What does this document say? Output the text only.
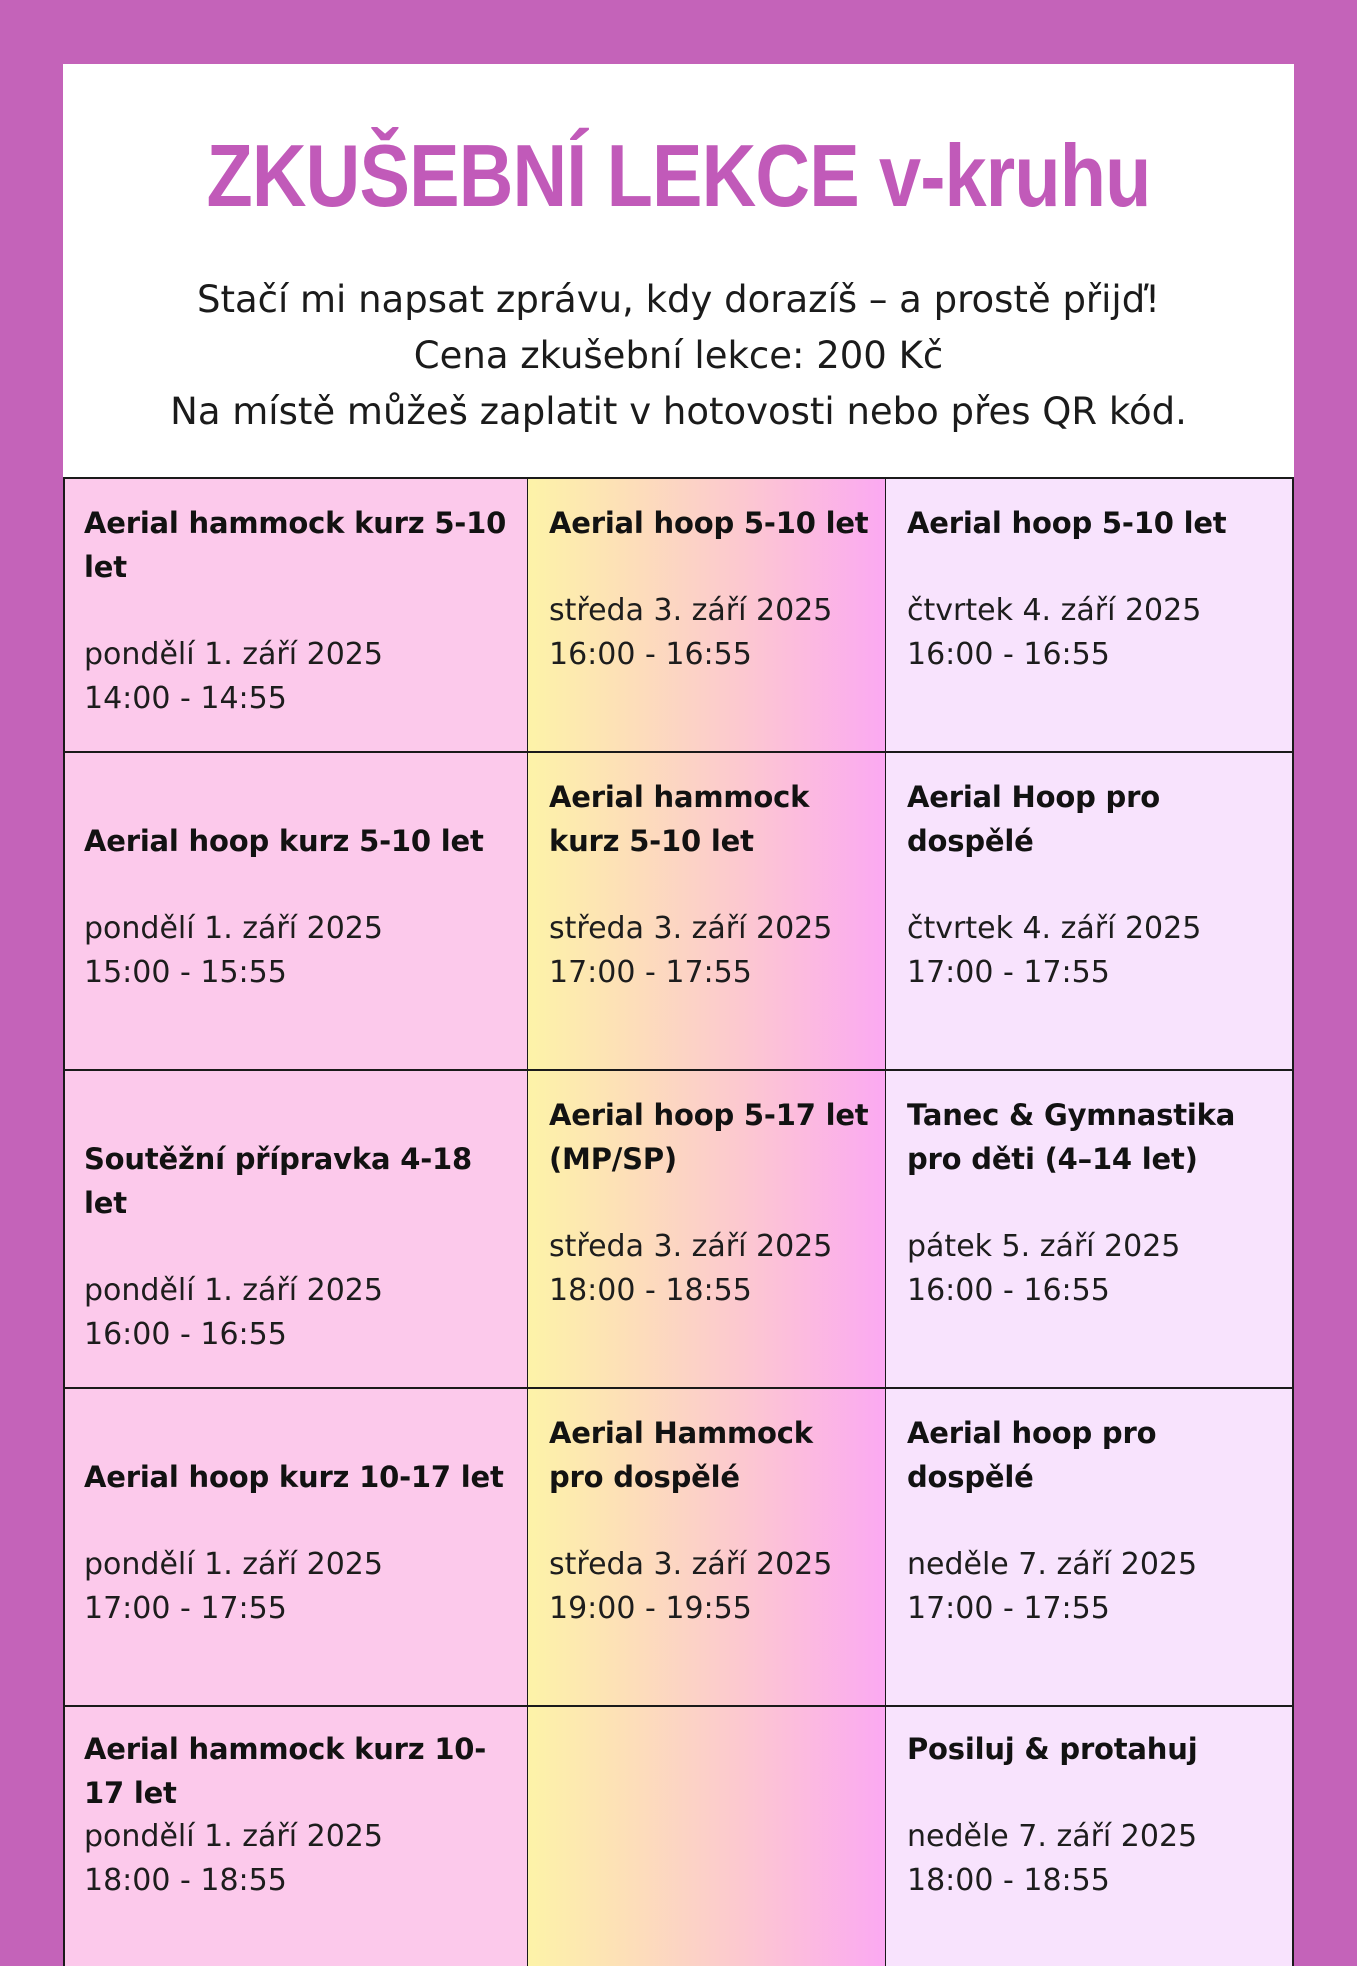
ZKUŠEBNÍ LEKCE v-kruhu
Stačí mi napsat zprávu, kdy dorazíš – a prostě přijď!
Cena zkušební lekce: 200 Kč
Na místě můžeš zaplatit v hotovosti nebo přes QR kód.
Aerial hammock kurz 5-10 let
pondělí 1. září 2025
14:00 - 14:55
Aerial hoop kurz 5-10 let
pondělí 1. září 2025
15:00 - 15:55
Soutěžní přípravka 4-18 let
pondělí 1. září 2025
16:00 - 16:55
Aerial hoop kurz 10-17 let
pondělí 1. září 2025
17:00 - 17:55
Aerial hammock kurz 10-17 let
pondělí 1. září 2025
18:00 - 18:55
Aerial hoop 5-10 let
středa 3. září 2025
16:00 - 16:55
Aerial hammock kurz 5-10 let
středa 3. září 2025
17:00 - 17:55
Aerial hoop 5-17 let (MP/SP)
středa 3. září 2025
18:00 - 18:55
Aerial Hammock pro dospělé
středa 3. září 2025
19:00 - 19:55
Aerial hoop 5-10 let
čtvrtek 4. září 2025
16:00 - 16:55
Aerial Hoop pro dospělé
čtvrtek 4. září 2025
17:00 - 17:55
Tanec & Gymnastika pro děti (4–14 let)
pátek 5. září 2025
16:00 - 16:55
Aerial hoop pro dospělé
neděle 7. září 2025
17:00 - 17:55
Posiluj & protahuj
neděle 7. září 2025
18:00 - 18:55
